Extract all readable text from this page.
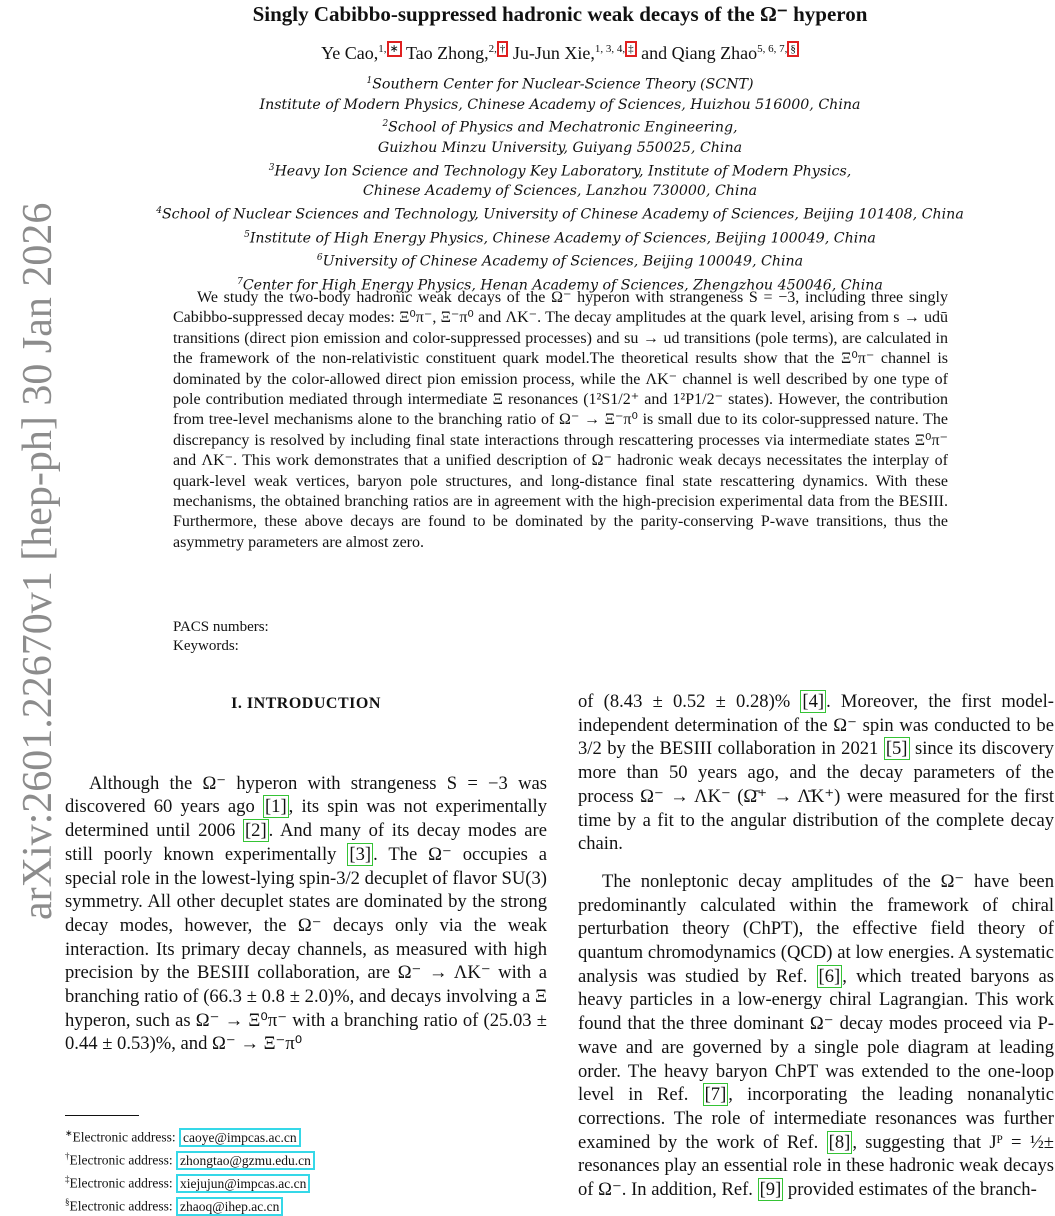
arXiv:2601.22670v1 [hep-ph] 30 Jan 2026
Singly Cabibbo-suppressed hadronic weak decays of the Ω⁻ hyperon
Ye Cao,$^{1,}$ ∗ Tao Zhong,$^{2,}$ † Ju-Jun Xie,$^{1, 3, 4,}$ ‡ and Qiang Zhao$^{5, 6, 7,}$ §
$^1$Southern Center for Nuclear-Science Theory (SCNT)
Institute of Modern Physics, Chinese Academy of Sciences, Huizhou 516000, China
$^2$School of Physics and Mechatronic Engineering,
Guizhou Minzu University, Guiyang 550025, China
$^3$Heavy Ion Science and Technology Key Laboratory, Institute of Modern Physics,
Chinese Academy of Sciences, Lanzhou 730000, China
$^4$School of Nuclear Sciences and Technology, University of Chinese Academy of Sciences, Beijing 101408, China
$^5$Institute of High Energy Physics, Chinese Academy of Sciences, Beijing 100049, China
$^6$University of Chinese Academy of Sciences, Beijing 100049, China
$^7$Center for High Energy Physics, Henan Academy of Sciences, Zhengzhou 450046, China
We study the two-body hadronic weak decays of the Ω⁻ hyperon with strangeness S = −3, including three singly Cabibbo-suppressed decay modes: Ξ⁰π⁻, Ξ⁻π⁰ and ΛK⁻. The decay amplitudes at the quark level, arising from s → udū transitions (direct pion emission and color-suppressed processes) and su → ud transitions (pole terms), are calculated in the framework of the non-relativistic constituent quark model.The theoretical results show that the Ξ⁰π⁻ channel is dominated by the color-allowed direct pion emission process, while the ΛK⁻ channel is well described by one type of pole contribution mediated through intermediate Ξ resonances (1²S1/2⁺ and 1²P1/2⁻ states). However, the contribution from tree-level mechanisms alone to the branching ratio of Ω⁻ → Ξ⁻π⁰ is small due to its color-suppressed nature. The discrepancy is resolved by including final state interactions through rescattering processes via intermediate states Ξ⁰π⁻ and ΛK⁻. This work demonstrates that a unified description of Ω⁻ hadronic weak decays necessitates the interplay of quark-level weak vertices, baryon pole structures, and long-distance final state rescattering dynamics. With these mechanisms, the obtained branching ratios are in agreement with the high-precision experimental data from the BESIII. Furthermore, these above decays are found to be dominated by the parity-conserving P-wave transitions, thus the asymmetry parameters are almost zero.
PACS numbers:
Keywords:
I. INTRODUCTION

Although the Ω⁻ hyperon with strangeness S = −3 was discovered 60 years ago [1] , its spin was not experimentally determined until 2006 [2] . And many of its decay modes are still poorly known experimentally [3] . The Ω⁻ occupies a special role in the lowest-lying spin-3/2 decuplet of flavor SU(3) symmetry. All other decuplet states are dominated by the strong decay modes, however, the Ω⁻ decays only via the weak interaction. Its primary decay channels, as measured with high precision by the BESIII collaboration, are Ω⁻ → ΛK⁻ with a branching ratio of (66.3 ± 0.8 ± 2.0)%, and decays involving a Ξ hyperon, such as Ω⁻ → Ξ⁰π⁻ with a branching ratio of (25.03 ± 0.44 ± 0.53)%, and Ω⁻ → Ξ⁻π⁰

of (8.43 ± 0.52 ± 0.28)% [4] . Moreover, the first model-independent determination of the Ω⁻ spin was conducted to be 3/2 by the BESIII collaboration in 2021 [5] since its discovery more than 50 years ago, and the decay parameters of the process Ω⁻ → ΛK⁻ (Ω̄⁺ → Λ̄K⁺) were measured for the first time by a fit to the angular distribution of the complete decay chain.

The nonleptonic decay amplitudes of the Ω⁻ have been predominantly calculated within the framework of chiral perturbation theory (ChPT), the effective field theory of quantum chromodynamics (QCD) at low energies. A systematic analysis was studied by Ref. [6] , which treated baryons as heavy particles in a low-energy chiral Lagrangian. This work found that the three dominant Ω⁻ decay modes proceed via P-wave and are governed by a single pole diagram at leading order. The heavy baryon ChPT was extended to the one-loop level in Ref. [7] , incorporating the leading nonanalytic corrections. The role of intermediate resonances was further examined by the work of Ref. [8] , suggesting that Jᴾ = ½± resonances play an essential role in these hadronic weak decays of Ω⁻. In addition, Ref. [9] provided estimates of the branch-

∗Electronic address: caoye@impcas.ac.cn
†Electronic address: zhongtao@gzmu.edu.cn
‡Electronic address: xiejujun@impcas.ac.cn
§Electronic address: zhaoq@ihep.ac.cn
